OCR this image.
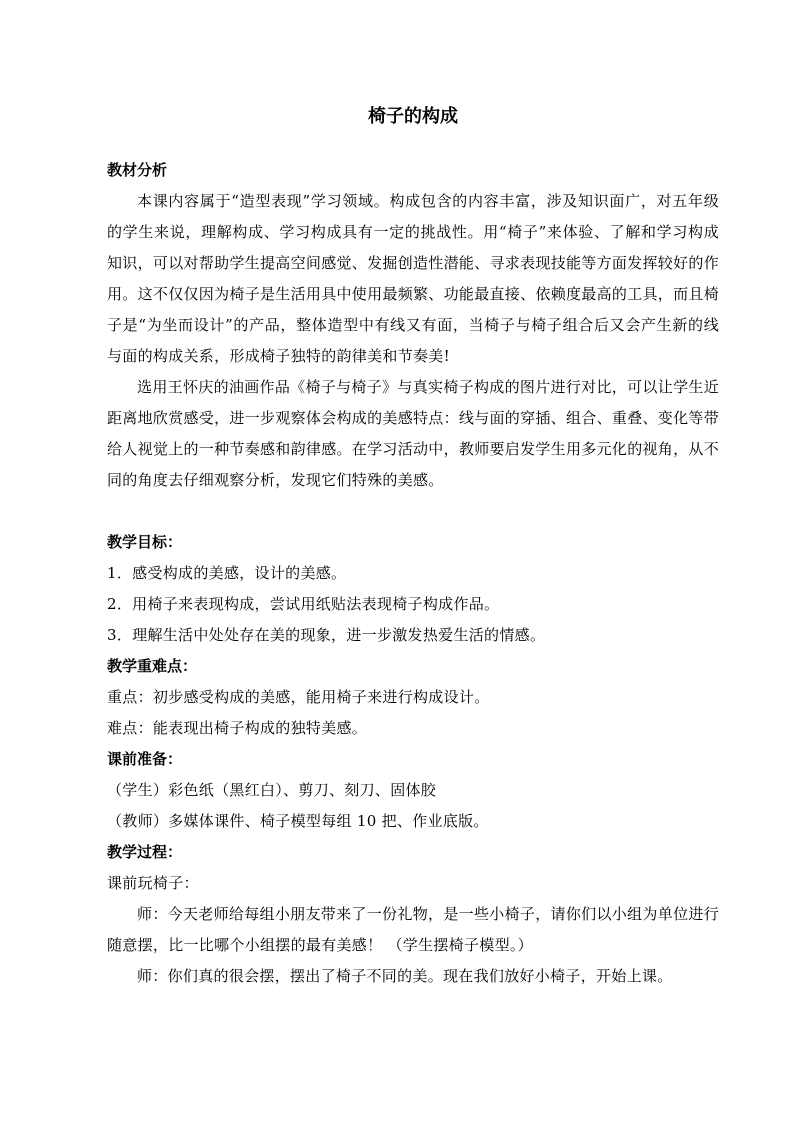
椅子的构成
教材分析

本课内容属于“造型表现”学习领域。构成包含的内容丰富，涉及知识面广，对五年级的学生来说，理解构成、学习构成具有一定的挑战性。用“椅子”来体验、了解和学习构成知识，可以对帮助学生提高空间感觉、发掘创造性潜能、寻求表现技能等方面发挥较好的作用。这不仅仅因为椅子是生活用具中使用最频繁、功能最直接、依赖度最高的工具，而且椅子是“为坐而设计”的产品，整体造型中有线又有面，当椅子与椅子组合后又会产生新的线与面的构成关系，形成椅子独特的韵律美和节奏美!

选用王怀庆的油画作品《椅子与椅子》与真实椅子构成的图片进行对比，可以让学生近距离地欣赏感受，进一步观察体会构成的美感特点：线与面的穿插、组合、重叠、变化等带给人视觉上的一种节奏感和韵律感。在学习活动中，教师要启发学生用多元化的视角，从不同的角度去仔细观察分析，发现它们特殊的美感。

教学目标：

1．感受构成的美感，设计的美感。

2．用椅子来表现构成，尝试用纸贴法表现椅子构成作品。

3．理解生活中处处存在美的现象，进一步激发热爱生活的情感。

教学重难点：

重点：初步感受构成的美感，能用椅子来进行构成设计。

难点：能表现出椅子构成的独特美感。

课前准备：

（学生）彩色纸（黑红白）、剪刀、刻刀、固体胶

（教师）多媒体课件、椅子模型每组 10 把、作业底版。

教学过程：

课前玩椅子：

师：今天老师给每组小朋友带来了一份礼物，是一些小椅子，请你们以小组为单位进行随意摆，比一比哪个小组摆的最有美感！ （学生摆椅子模型。）

师：你们真的很会摆，摆出了椅子不同的美。现在我们放好小椅子，开始上课。
